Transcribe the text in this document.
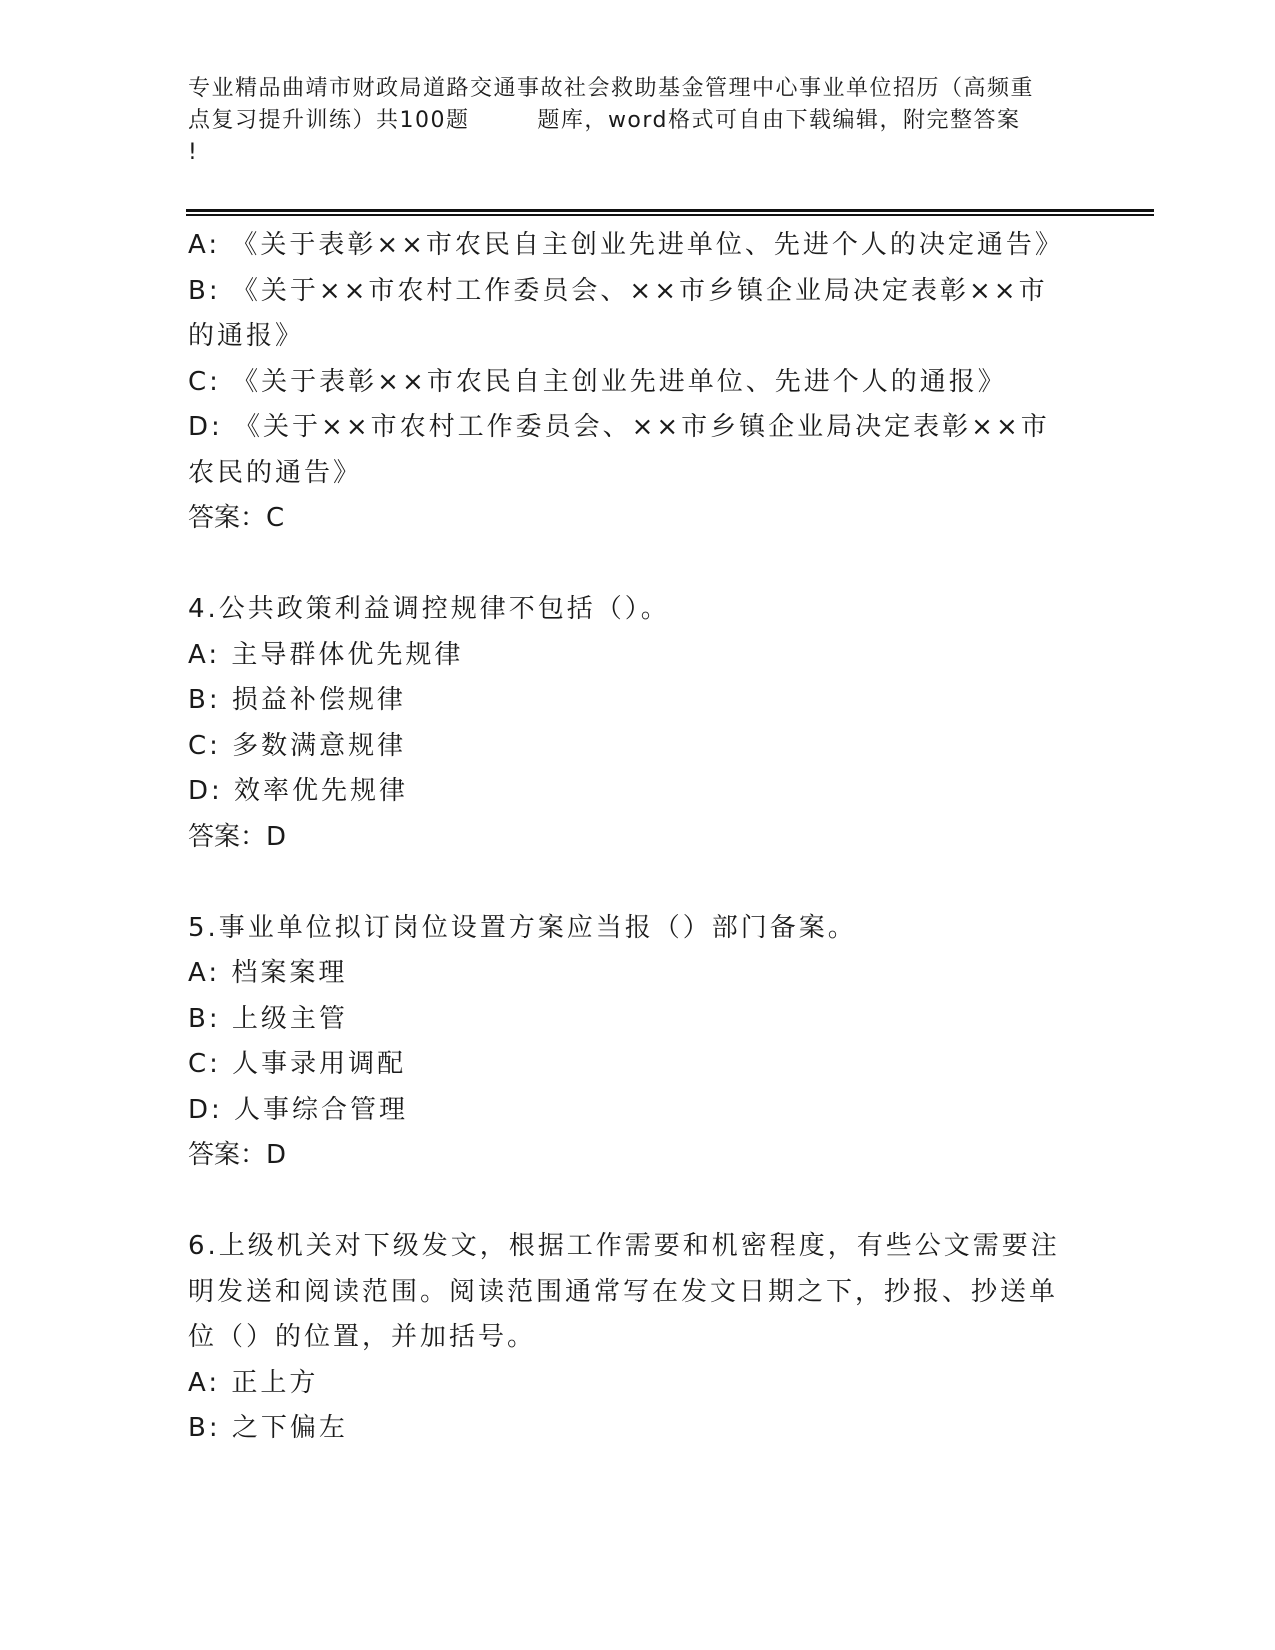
专业精品曲靖市财政局道路交通事故社会救助基金管理中心事业单位招历（高频重
点复习提升训练）共100题        题库，word格式可自由下载编辑，附完整答案
!
A: 《关于表彰××市农民自主创业先进单位、先进个人的决定通告》
B: 《关于××市农村工作委员会、××市乡镇企业局决定表彰××市
的通报》
C: 《关于表彰××市农民自主创业先进单位、先进个人的通报》
D: 《关于××市农村工作委员会、××市乡镇企业局决定表彰××市
农民的通告》
答案：C
4.公共政策利益调控规律不包括（）。
A: 主导群体优先规律
B: 损益补偿规律
C: 多数满意规律
D: 效率优先规律
答案：D
5.事业单位拟订岗位设置方案应当报（）部门备案。
A: 档案案理
B: 上级主管
C: 人事录用调配
D: 人事综合管理
答案：D
6.上级机关对下级发文，根据工作需要和机密程度，有些公文需要注
明发送和阅读范围。阅读范围通常写在发文日期之下，抄报、抄送单
位（）的位置，并加括号。
A: 正上方
B: 之下偏左
